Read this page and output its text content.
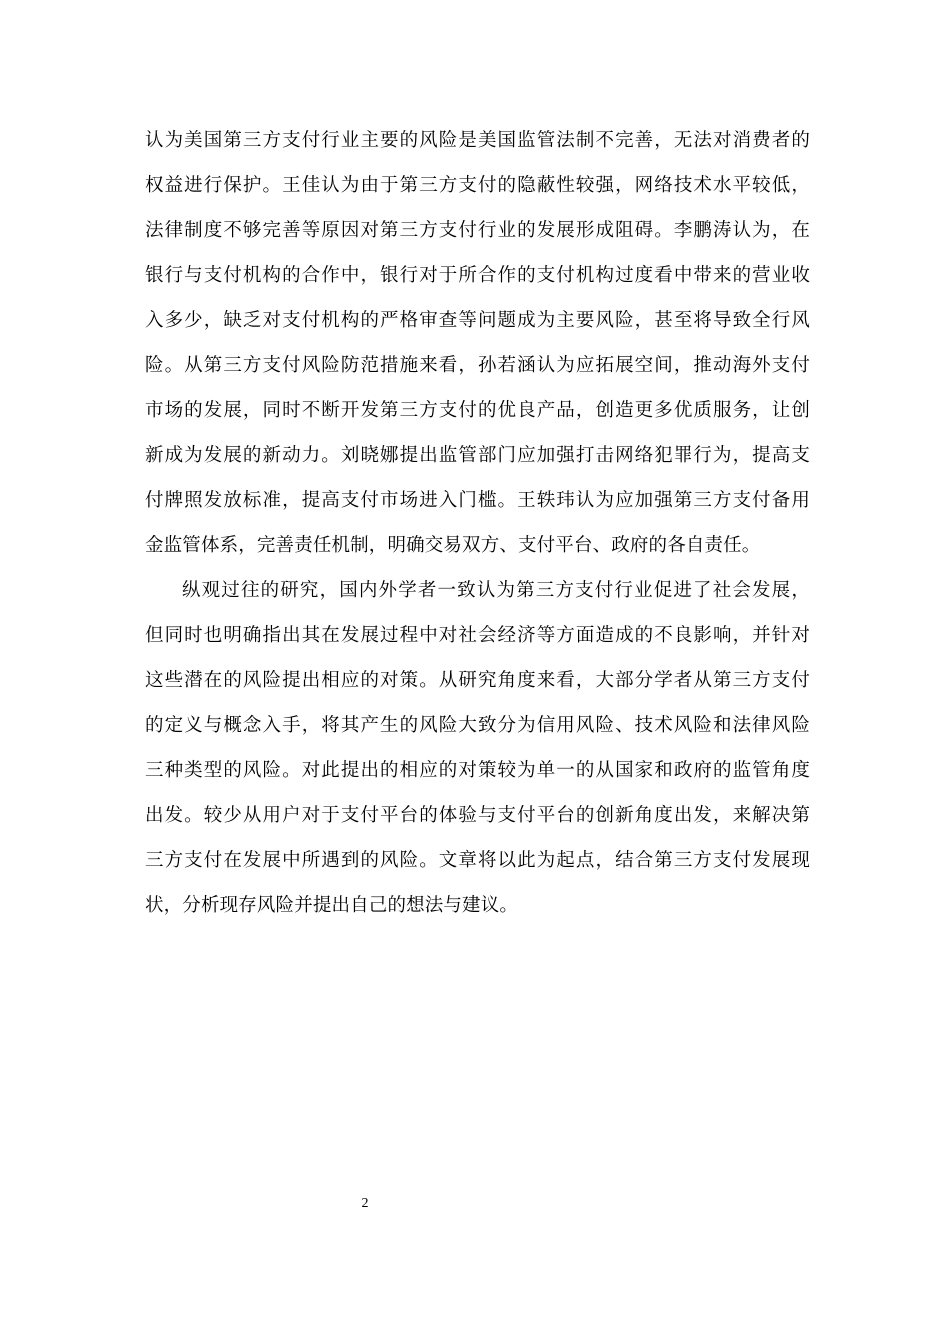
认为美国第三方支付行业主要的风险是美国监管法制不完善，无法对消费者的
权益进行保护。王佳认为由于第三方支付的隐蔽性较强，网络技术水平较低，
法律制度不够完善等原因对第三方支付行业的发展形成阻碍。李鹏涛认为，在
银行与支付机构的合作中，银行对于所合作的支付机构过度看中带来的营业收
入多少，缺乏对支付机构的严格审查等问题成为主要风险，甚至将导致全行风
险。从第三方支付风险防范措施来看，孙若涵认为应拓展空间，推动海外支付
市场的发展，同时不断开发第三方支付的优良产品，创造更多优质服务，让创
新成为发展的新动力。刘晓娜提出监管部门应加强打击网络犯罪行为，提高支
付牌照发放标准，提高支付市场进入门槛。王轶玮认为应加强第三方支付备用
金监管体系，完善责任机制，明确交易双方、支付平台、政府的各自责任。
纵观过往的研究，国内外学者一致认为第三方支付行业促进了社会发展，
但同时也明确指出其在发展过程中对社会经济等方面造成的不良影响，并针对
这些潜在的风险提出相应的对策。从研究角度来看，大部分学者从第三方支付
的定义与概念入手，将其产生的风险大致分为信用风险、技术风险和法律风险
三种类型的风险。对此提出的相应的对策较为单一的从国家和政府的监管角度
出发。较少从用户对于支付平台的体验与支付平台的创新角度出发，来解决第
三方支付在发展中所遇到的风险。文章将以此为起点，结合第三方支付发展现
状，分析现存风险并提出自己的想法与建议。
2
